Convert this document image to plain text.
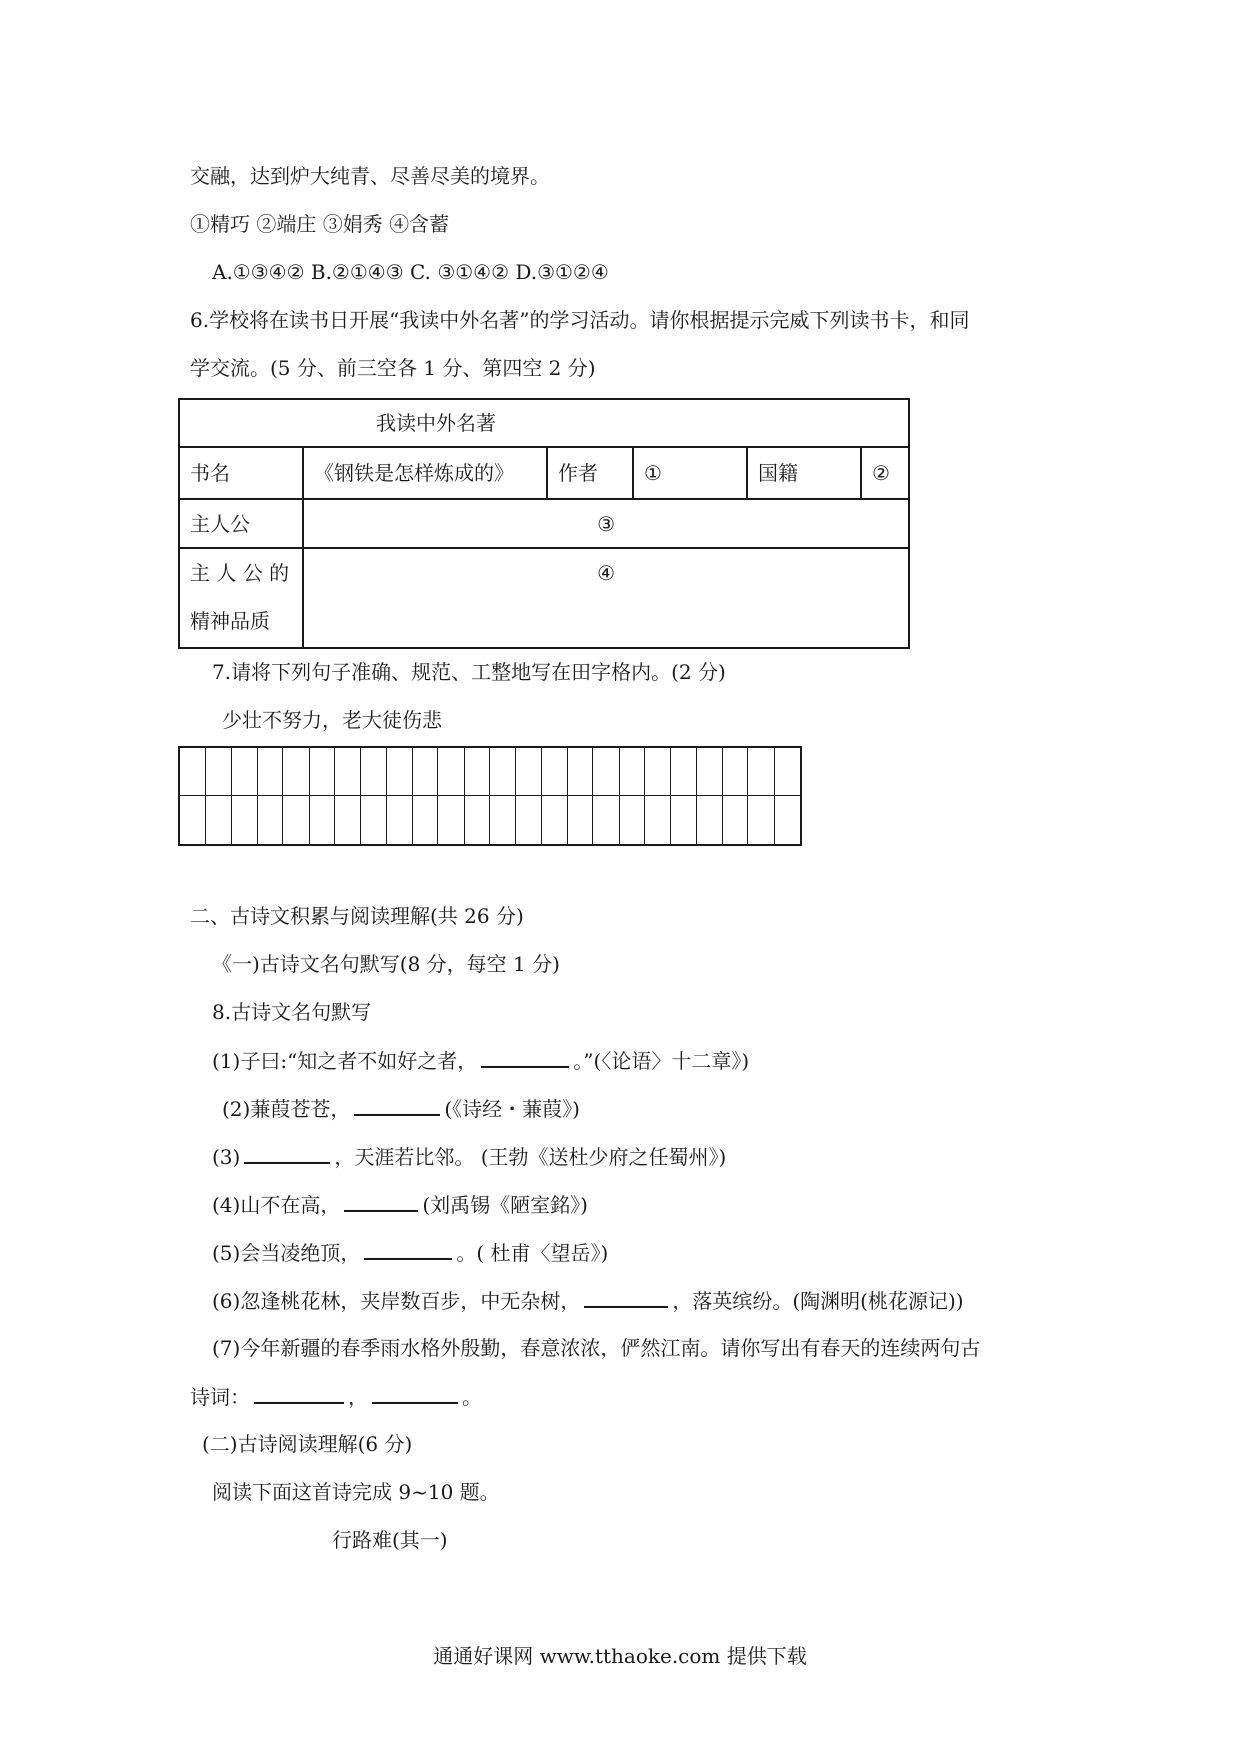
交融，达到炉大纯青、尽善尽美的境界。
①精巧 ②端庄 ③娟秀 ④含蓄
A.①③④② B.②①④③ C. ③①④② D.③①②④
6.学校将在读书日开展“我读中外名著”的学习活动。请你根据提示完威下列读书卡，和同
学交流。(5 分、前三空各 1 分、第四空 2 分)
我读中外名著					
书名	《钢铁是怎样炼成的》	作者	①	国籍	②
主人公	③				

主 人 公 的
精神品质	④				
7.请将下列句子准确、规范、工整地写在田字格内。(2 分)
少壮不努力，老大徒伤悲
二、古诗文积累与阅读理解(共 26 分)
《一)古诗文名句默写(8 分，每空 1 分)
8.古诗文名句默写
(1)子曰:“知之者不如好之者，	。”(〈论语〉十二章》)
(2)蒹葭苍苍，	(《诗经・蒹葭》)
(3)	，天涯若比邻。 (王勃《送杜少府之任蜀州》)
(4)山不在高，	(刘禹锡《陋室銘》)
(5)会当凌绝顶，	。( 杜甫〈望岳》)
(6)忽逢桃花林，夹岸数百步，中无杂树，	，落英缤纷。(陶渊明(桃花源记))
(7)今年新疆的春季雨水格外殷勤，春意浓浓，俨然江南。请你写出有春天的连续两句古
诗词：	，	。
(二)古诗阅读理解(6 分)
阅读下面这首诗完成 9~10 题。
行路难(其一)
通通好课网 www.tthaoke.com 提供下载
